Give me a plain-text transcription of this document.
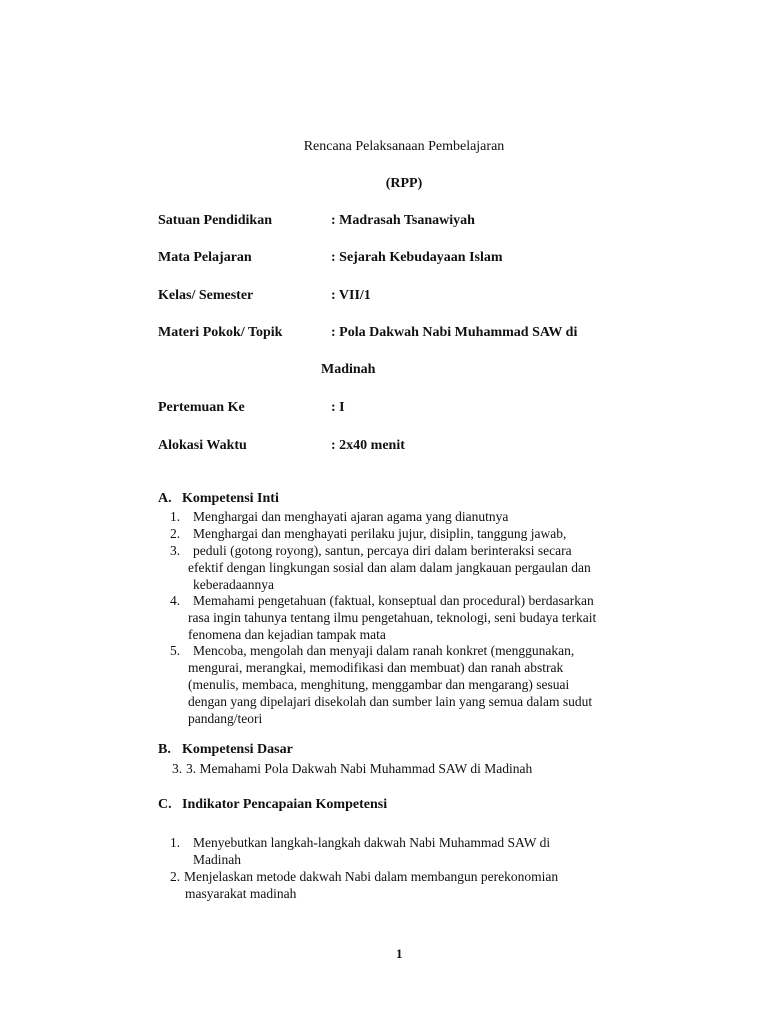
Rencana Pelaksanaan Pembelajaran
(RPP)
Satuan Pendidikan	: Madrasah Tsanawiyah
Mata Pelajaran	: Sejarah Kebudayaan Islam
Kelas/ Semester	: VII/1
Materi Pokok/ Topik	: Pola Dakwah Nabi Muhammad SAW di
Madinah
Pertemuan Ke	: I
Alokasi Waktu	: 2x40 menit
A. Kompetensi Inti
1. Menghargai dan menghayati ajaran agama yang dianutnya
2. Menghargai dan menghayati perilaku jujur, disiplin, tanggung jawab,
3. peduli (gotong royong), santun, percaya diri dalam berinteraksi secara
efektif dengan lingkungan sosial dan alam dalam jangkauan pergaulan dan
keberadaannya
4. Memahami pengetahuan (faktual, konseptual dan procedural) berdasarkan
rasa ingin tahunya tentang ilmu pengetahuan, teknologi, seni budaya terkait
fenomena dan kejadian tampak mata
5. Mencoba, mengolah dan menyaji dalam ranah konkret (menggunakan,
mengurai, merangkai, memodifikasi dan membuat) dan ranah abstrak
(menulis, membaca, menghitung, menggambar dan mengarang) sesuai
dengan yang dipelajari disekolah dan sumber lain yang semua dalam sudut
pandang/teori
B. Kompetensi Dasar
3. 3. Memahami Pola Dakwah Nabi Muhammad SAW di Madinah
C. Indikator Pencapaian Kompetensi
1. Menyebutkan langkah-langkah dakwah Nabi Muhammad SAW di
Madinah
2. Menjelaskan metode dakwah Nabi dalam membangun perekonomian
masyarakat madinah
1
